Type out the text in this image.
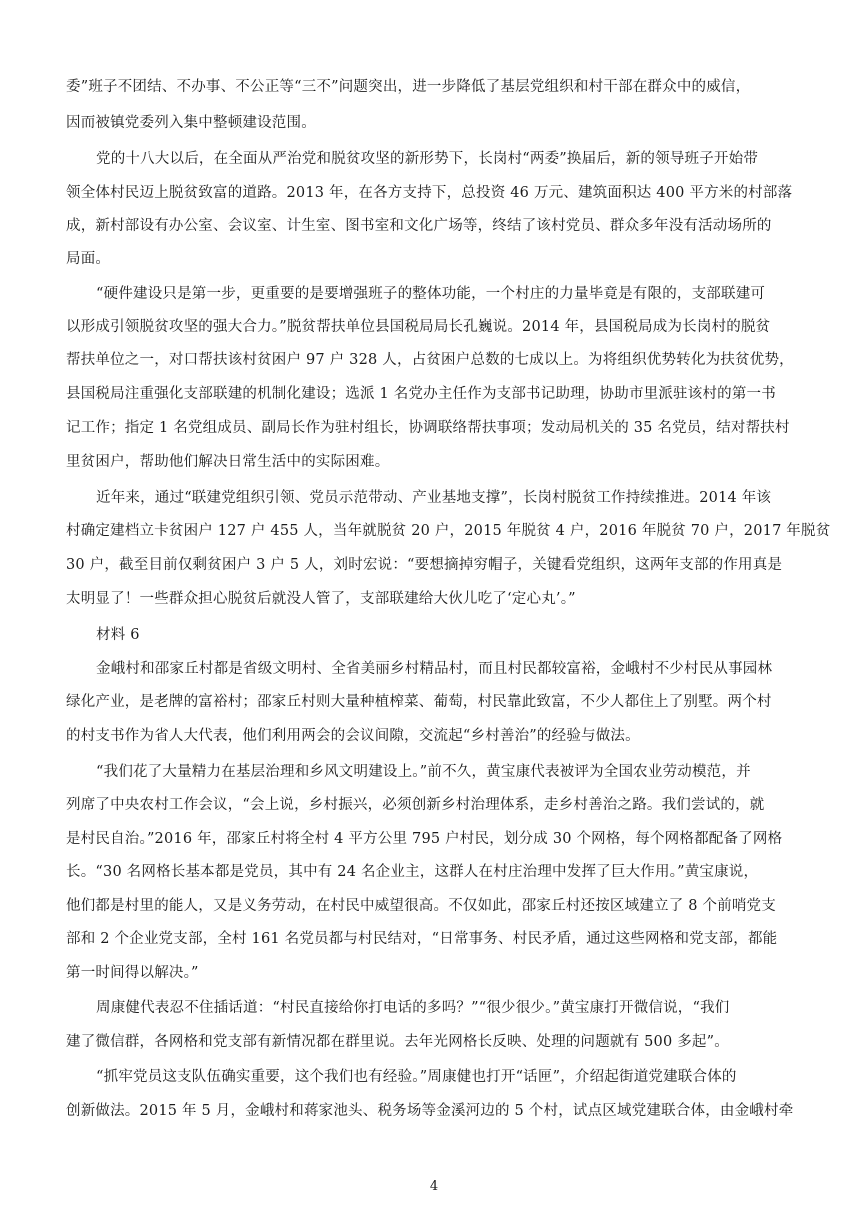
委”班子不团结、不办事、不公正等“三不”问题突出，进一步降低了基层党组织和村干部在群众中的威信，
因而被镇党委列入集中整顿建设范围。
党的十八大以后，在全面从严治党和脱贫攻坚的新形势下，长岗村“两委”换届后，新的领导班子开始带
领全体村民迈上脱贫致富的道路。2013 年，在各方支持下，总投资 46 万元、建筑面积达 400 平方米的村部落
成，新村部设有办公室、会议室、计生室、图书室和文化广场等，终结了该村党员、群众多年没有活动场所的
局面。
“硬件建设只是第一步，更重要的是要增强班子的整体功能，一个村庄的力量毕竟是有限的，支部联建可
以形成引领脱贫攻坚的强大合力。”脱贫帮扶单位县国税局局长孔巍说。2014 年，县国税局成为长岗村的脱贫
帮扶单位之一，对口帮扶该村贫困户 97 户 328 人，占贫困户总数的七成以上。为将组织优势转化为扶贫优势，
县国税局注重强化支部联建的机制化建设；选派 1 名党办主任作为支部书记助理，协助市里派驻该村的第一书
记工作；指定 1 名党组成员、副局长作为驻村组长，协调联络帮扶事项；发动局机关的 35 名党员，结对帮扶村
里贫困户，帮助他们解决日常生活中的实际困难。
近年来，通过“联建党组织引领、党员示范带动、产业基地支撑”，长岗村脱贫工作持续推进。2014 年该
村确定建档立卡贫困户 127 户 455 人，当年就脱贫 20 户，2015 年脱贫 4 户，2016 年脱贫 70 户，2017 年脱贫
30 户，截至目前仅剩贫困户 3 户 5 人，刘时宏说：“要想摘掉穷帽子，关键看党组织，这两年支部的作用真是
太明显了！一些群众担心脱贫后就没人管了，支部联建给大伙儿吃了‘定心丸’。”
材料 6
金峨村和邵家丘村都是省级文明村、全省美丽乡村精品村，而且村民都较富裕，金峨村不少村民从事园林
绿化产业，是老牌的富裕村；邵家丘村则大量种植榨菜、葡萄，村民靠此致富，不少人都住上了别墅。两个村
的村支书作为省人大代表，他们利用两会的会议间隙，交流起“乡村善治”的经验与做法。
“我们花了大量精力在基层治理和乡风文明建设上。”前不久，黄宝康代表被评为全国农业劳动模范，并
列席了中央农村工作会议，“会上说，乡村振兴，必须创新乡村治理体系，走乡村善治之路。我们尝试的，就
是村民自治。”2016 年，邵家丘村将全村 4 平方公里 795 户村民，划分成 30 个网格，每个网格都配备了网格
长。“30 名网格长基本都是党员，其中有 24 名企业主，这群人在村庄治理中发挥了巨大作用。”黄宝康说，
他们都是村里的能人，又是义务劳动，在村民中威望很高。不仅如此，邵家丘村还按区域建立了 8 个前哨党支
部和 2 个企业党支部，全村 161 名党员都与村民结对，“日常事务、村民矛盾，通过这些网格和党支部，都能
第一时间得以解决。”
周康健代表忍不住插话道：“村民直接给你打电话的多吗？”“很少很少。”黄宝康打开微信说，“我们
建了微信群，各网格和党支部有新情况都在群里说。去年光网格长反映、处理的问题就有 500 多起”。
“抓牢党员这支队伍确实重要，这个我们也有经验。”周康健也打开“话匣”，介绍起街道党建联合体的
创新做法。2015 年 5 月，金峨村和蒋家池头、税务场等金溪河边的 5 个村，试点区域党建联合体，由金峨村牵
4
